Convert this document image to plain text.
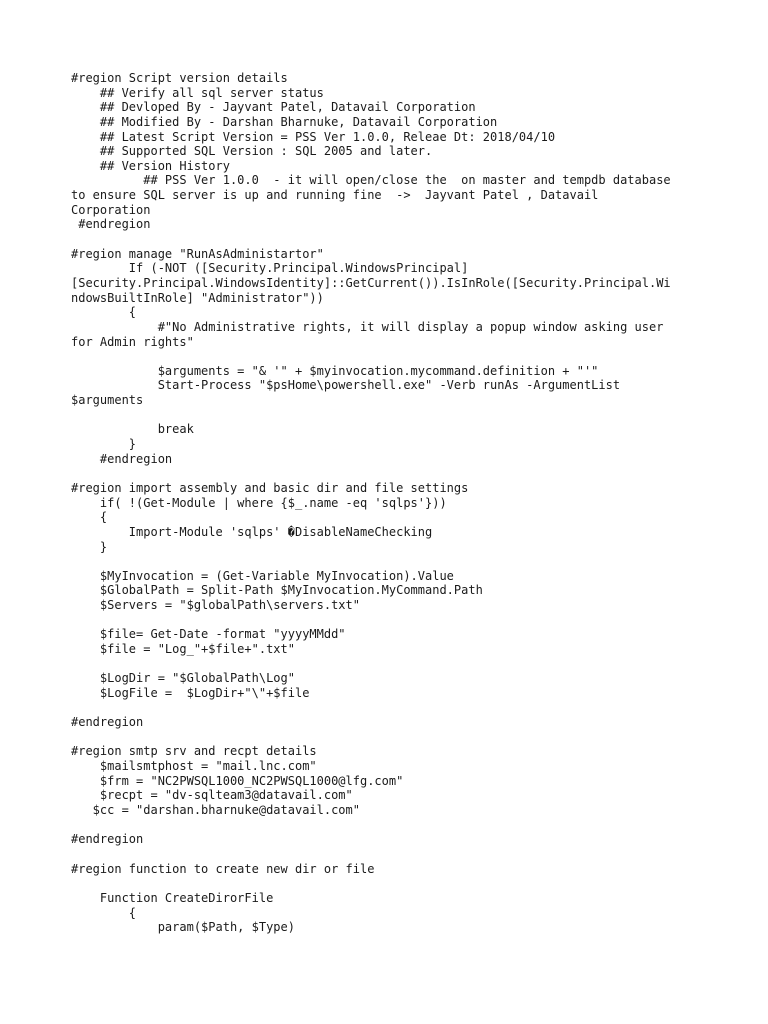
#region Script version details
## Verify all sql server status
## Devloped By - Jayvant Patel, Datavail Corporation
## Modified By - Darshan Bharnuke, Datavail Corporation
## Latest Script Version = PSS Ver 1.0.0, Releae Dt: 2018/04/10
## Supported SQL Version : SQL 2005 and later.
## Version History
## PSS Ver 1.0.0  - it will open/close the  on master and tempdb database
to ensure SQL server is up and running fine  ->  Jayvant Patel , Datavail
Corporation
#endregion
#region manage "RunAsAdministartor"
If (-NOT ([Security.Principal.WindowsPrincipal]
[Security.Principal.WindowsIdentity]::GetCurrent()).IsInRole([Security.Principal.Wi
ndowsBuiltInRole] "Administrator"))
{
#"No Administrative rights, it will display a popup window asking user
for Admin rights"
$arguments = "& '" + $myinvocation.mycommand.definition + "'"
Start-Process "$psHome\powershell.exe" -Verb runAs -ArgumentList
$arguments
break
}
#endregion
#region import assembly and basic dir and file settings
if( !(Get-Module | where {$_.name -eq 'sqlps'}))
{
Import-Module 'sqlps' �DisableNameChecking
}
$MyInvocation = (Get-Variable MyInvocation).Value
$GlobalPath = Split-Path $MyInvocation.MyCommand.Path
$Servers = "$globalPath\servers.txt"
$file= Get-Date -format "yyyyMMdd"
$file = "Log_"+$file+".txt"
$LogDir = "$GlobalPath\Log"
$LogFile =  $LogDir+"\"+$file
#endregion
#region smtp srv and recpt details
$mailsmtphost = "mail.lnc.com"
$frm = "NC2PWSQL1000_NC2PWSQL1000@lfg.com"
$recpt = "dv-sqlteam3@datavail.com"
$cc = "darshan.bharnuke@datavail.com"
#endregion
#region function to create new dir or file
Function CreateDirorFile
{
param($Path, $Type)
